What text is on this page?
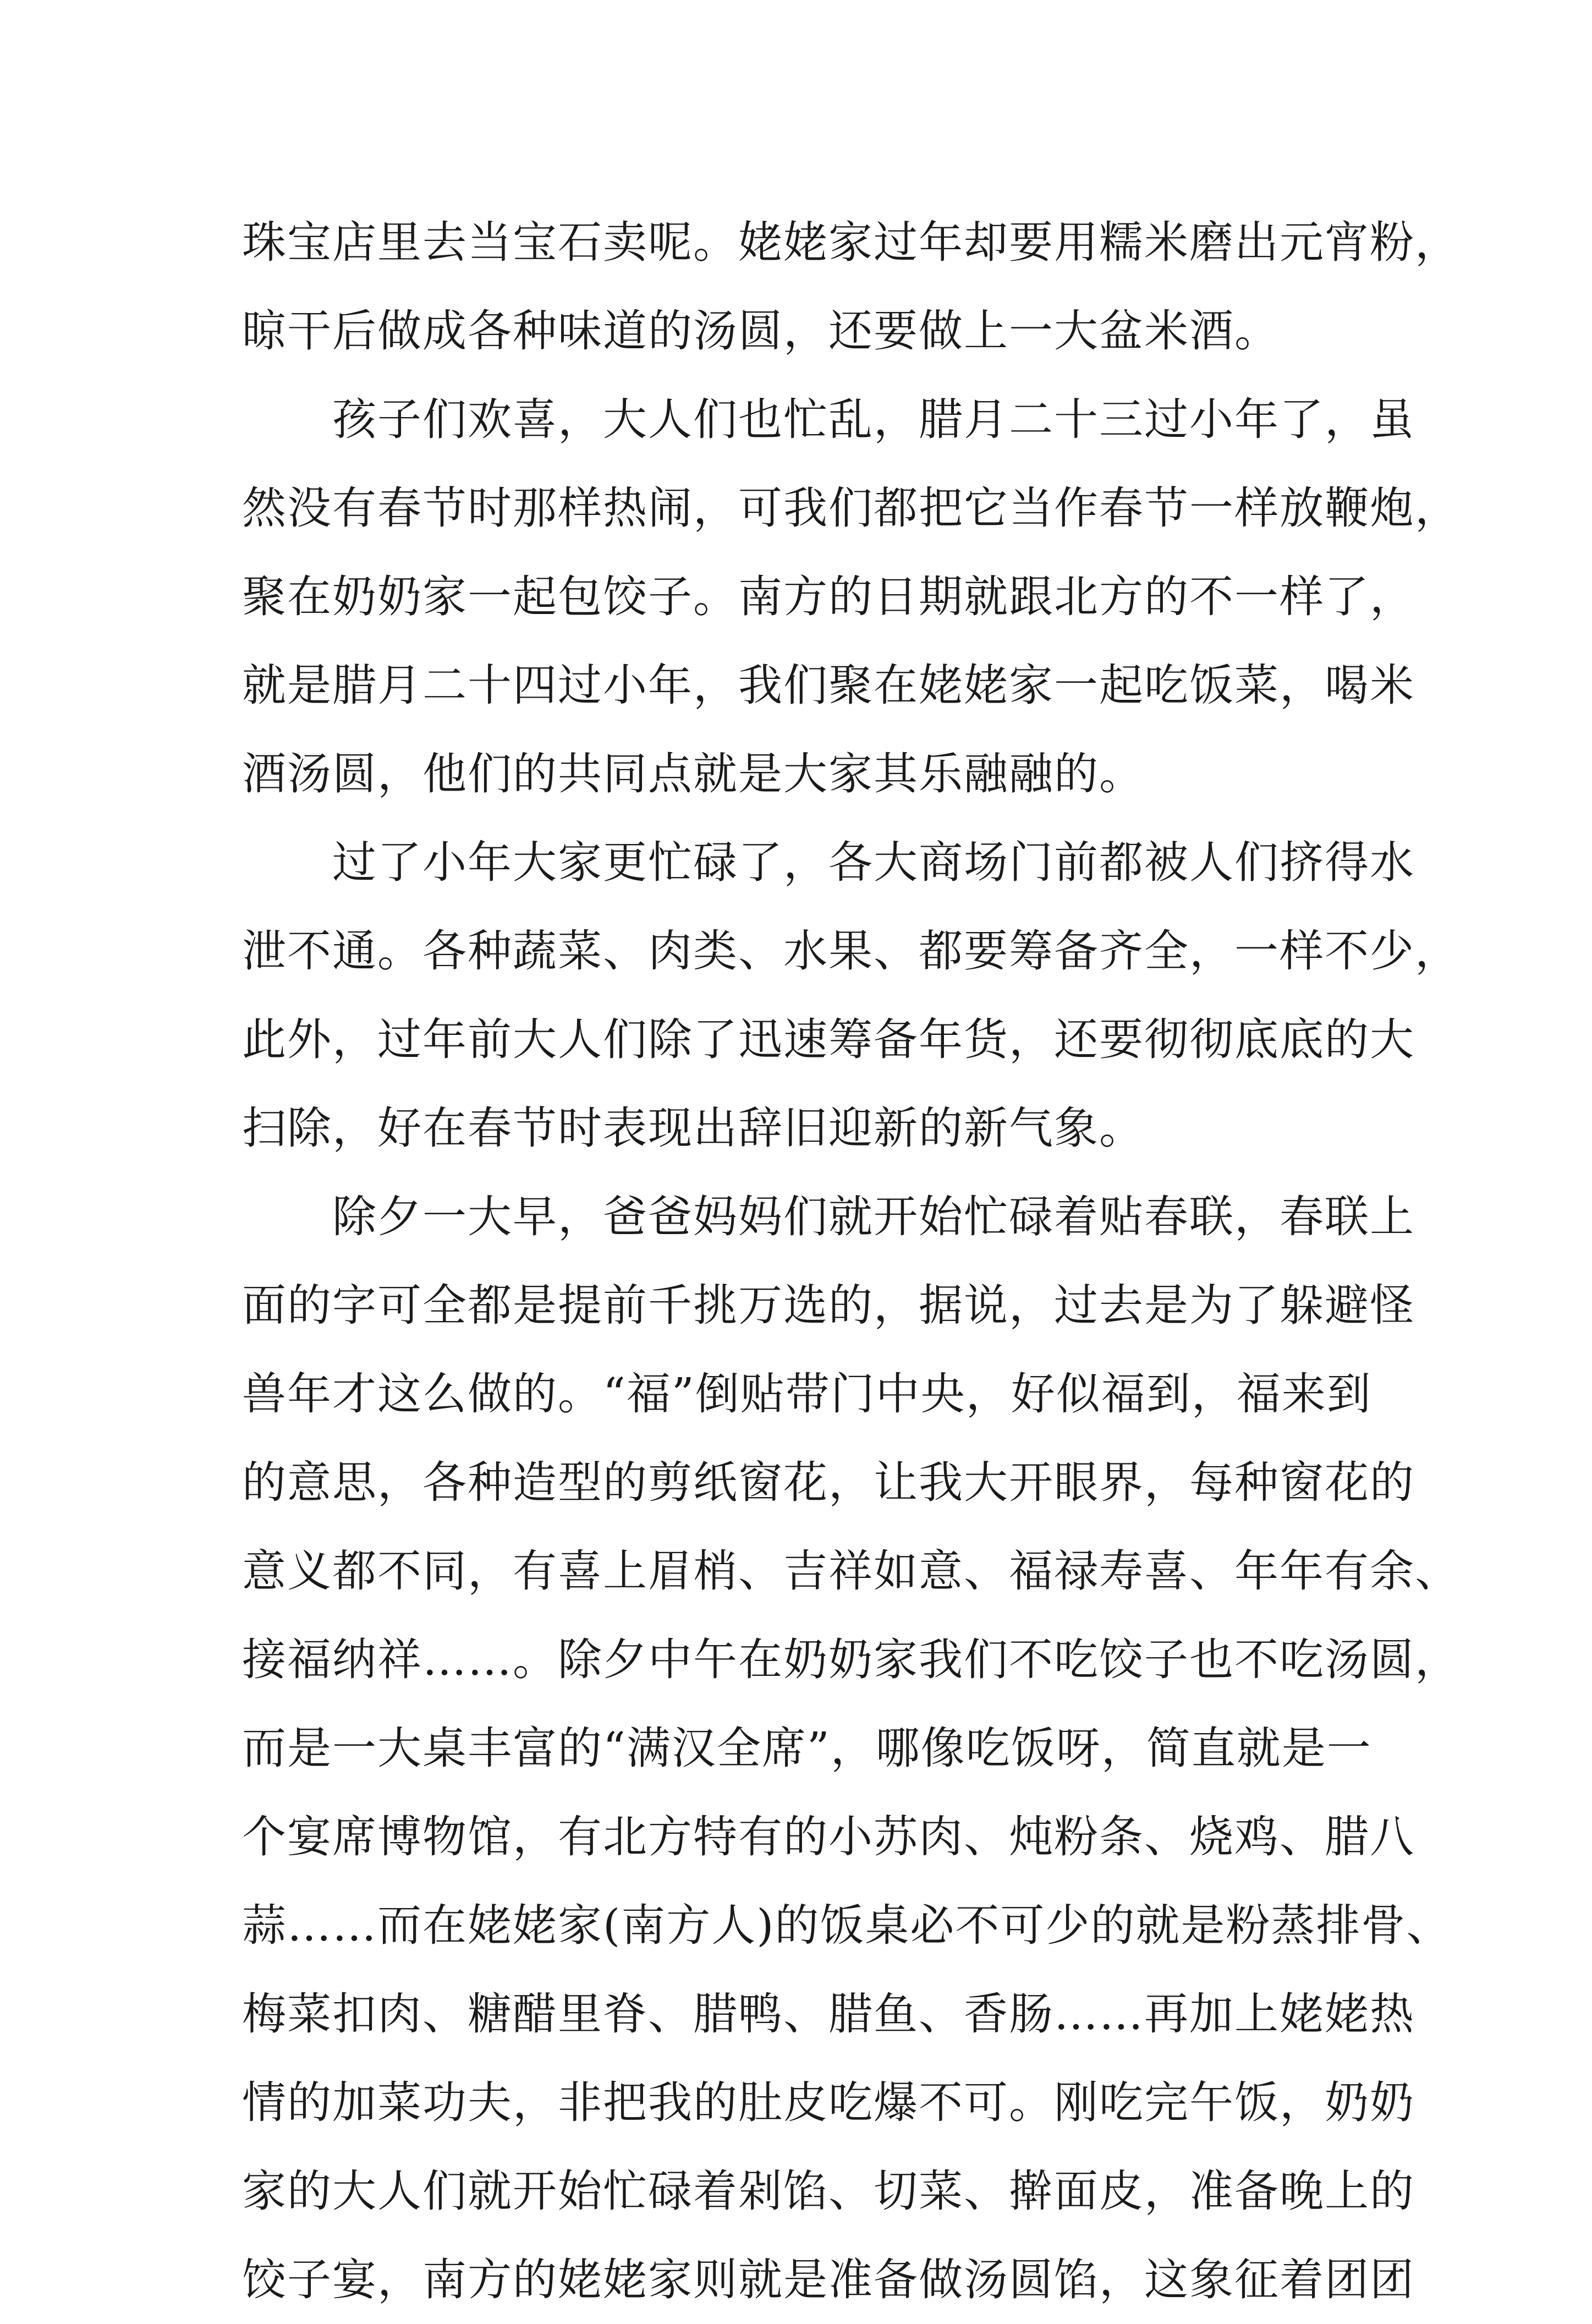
珠宝店里去当宝石卖呢。姥姥家过年却要用糯米磨出元宵粉，
晾干后做成各种味道的汤圆，还要做上一大盆米酒。
孩子们欢喜，大人们也忙乱，腊月二十三过小年了，虽
然没有春节时那样热闹，可我们都把它当作春节一样放鞭炮，
聚在奶奶家一起包饺子。南方的日期就跟北方的不一样了，
就是腊月二十四过小年，我们聚在姥姥家一起吃饭菜，喝米
酒汤圆，他们的共同点就是大家其乐融融的。
过了小年大家更忙碌了，各大商场门前都被人们挤得水
泄不通。各种蔬菜、肉类、水果、都要筹备齐全，一样不少，
此外，过年前大人们除了迅速筹备年货，还要彻彻底底的大
扫除，好在春节时表现出辞旧迎新的新气象。
除夕一大早，爸爸妈妈们就开始忙碌着贴春联，春联上
面的字可全都是提前千挑万选的，据说，过去是为了躲避怪
兽年才这么做的。“福”倒贴带门中央，好似福到，福来到
的意思，各种造型的剪纸窗花，让我大开眼界，每种窗花的
意义都不同，有喜上眉梢、吉祥如意、福禄寿喜、年年有余、
接福纳祥……。除夕中午在奶奶家我们不吃饺子也不吃汤圆，
而是一大桌丰富的“满汉全席”，哪像吃饭呀，简直就是一
个宴席博物馆，有北方特有的小苏肉、炖粉条、烧鸡、腊八
蒜……而在姥姥家(南方人)的饭桌必不可少的就是粉蒸排骨、
梅菜扣肉、糖醋里脊、腊鸭、腊鱼、香肠……再加上姥姥热
情的加菜功夫，非把我的肚皮吃爆不可。刚吃完午饭，奶奶
家的大人们就开始忙碌着剁馅、切菜、擀面皮，准备晚上的
饺子宴，南方的姥姥家则就是准备做汤圆馅，这象征着团团
